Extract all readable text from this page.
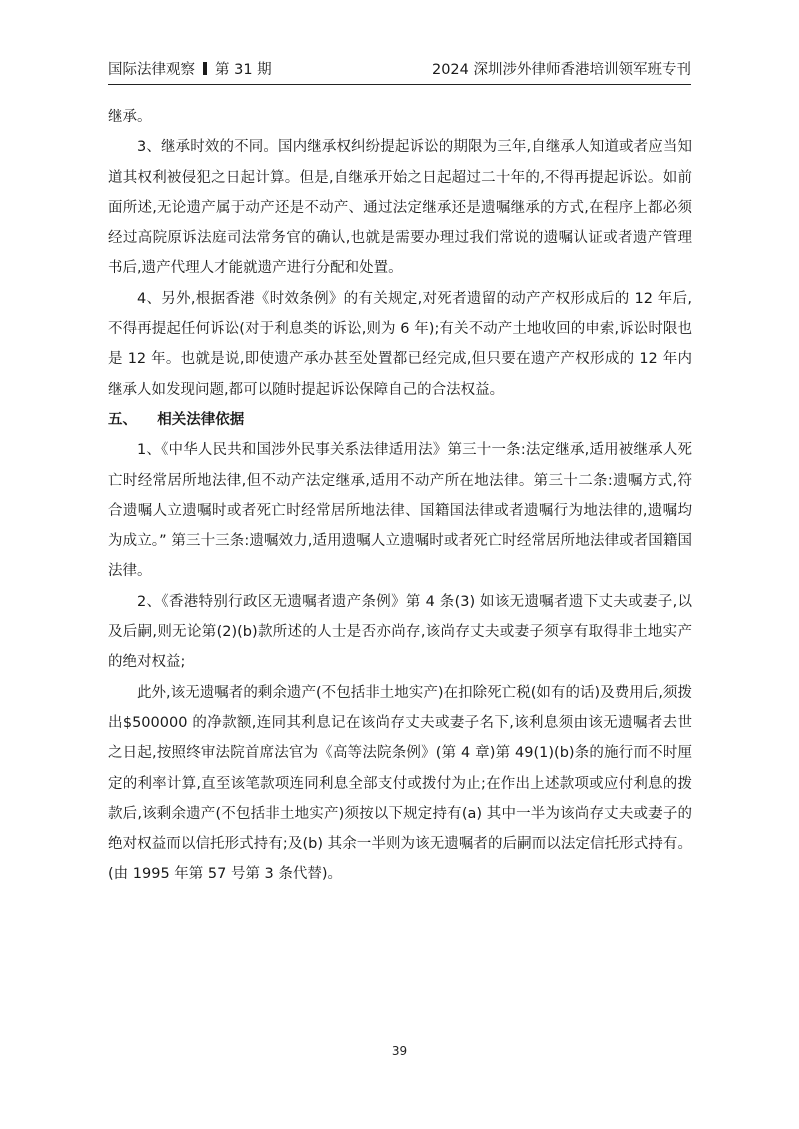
国际法律观察 第 31 期	2024 深圳涉外律师香港培训领军班专刊

继承。

3、继承时效的不同。国内继承权纠纷提起诉讼的期限为三年,自继承人知道或者应当知道其权利被侵犯之日起计算。但是,自继承开始之日起超过二十年的,不得再提起诉讼。如前面所述,无论遗产属于动产还是不动产、通过法定继承还是遗嘱继承的方式,在程序上都必须经过高院原诉法庭司法常务官的确认,也就是需要办理过我们常说的遗嘱认证或者遗产管理书后,遗产代理人才能就遗产进行分配和处置。

4、另外,根据香港《时效条例》的有关规定,对死者遗留的动产产权形成后的 12 年后,不得再提起任何诉讼(对于利息类的诉讼,则为 6 年);有关不动产土地收回的申索,诉讼时限也是 12 年。也就是说,即使遗产承办甚至处置都已经完成,但只要在遗产产权形成的 12 年内继承人如发现问题,都可以随时提起诉讼保障自己的合法权益。

五、    相关法律依据

1、《中华人民共和国涉外民事关系法律适用法》第三十一条:法定继承,适用被继承人死亡时经常居所地法律,但不动产法定继承,适用不动产所在地法律。第三十二条:遗嘱方式,符合遗嘱人立遗嘱时或者死亡时经常居所地法律、国籍国法律或者遗嘱行为地法律的,遗嘱均为成立。” 第三十三条:遗嘱效力,适用遗嘱人立遗嘱时或者死亡时经常居所地法律或者国籍国法律。

2、《香港特别行政区无遗嘱者遗产条例》第 4 条(3) 如该无遗嘱者遗下丈夫或妻子,以及后嗣,则无论第(2)(b)款所述的人士是否亦尚存,该尚存丈夫或妻子须享有取得非土地实产的绝对权益;

此外,该无遗嘱者的剩余遗产(不包括非土地实产)在扣除死亡税(如有的话)及费用后,须拨出$500000 的净款额,连同其利息记在该尚存丈夫或妻子名下,该利息须由该无遗嘱者去世之日起,按照终审法院首席法官为《高等法院条例》(第 4 章)第 49(1)(b)条的施行而不时厘定的利率计算,直至该笔款项连同利息全部支付或拨付为止;在作出上述款项或应付利息的拨款后,该剩余遗产(不包括非土地实产)须按以下规定持有(a) 其中一半为该尚存丈夫或妻子的绝对权益而以信托形式持有;及(b) 其余一半则为该无遗嘱者的后嗣而以法定信托形式持有。(由 1995 年第 57 号第 3 条代替)。

39
